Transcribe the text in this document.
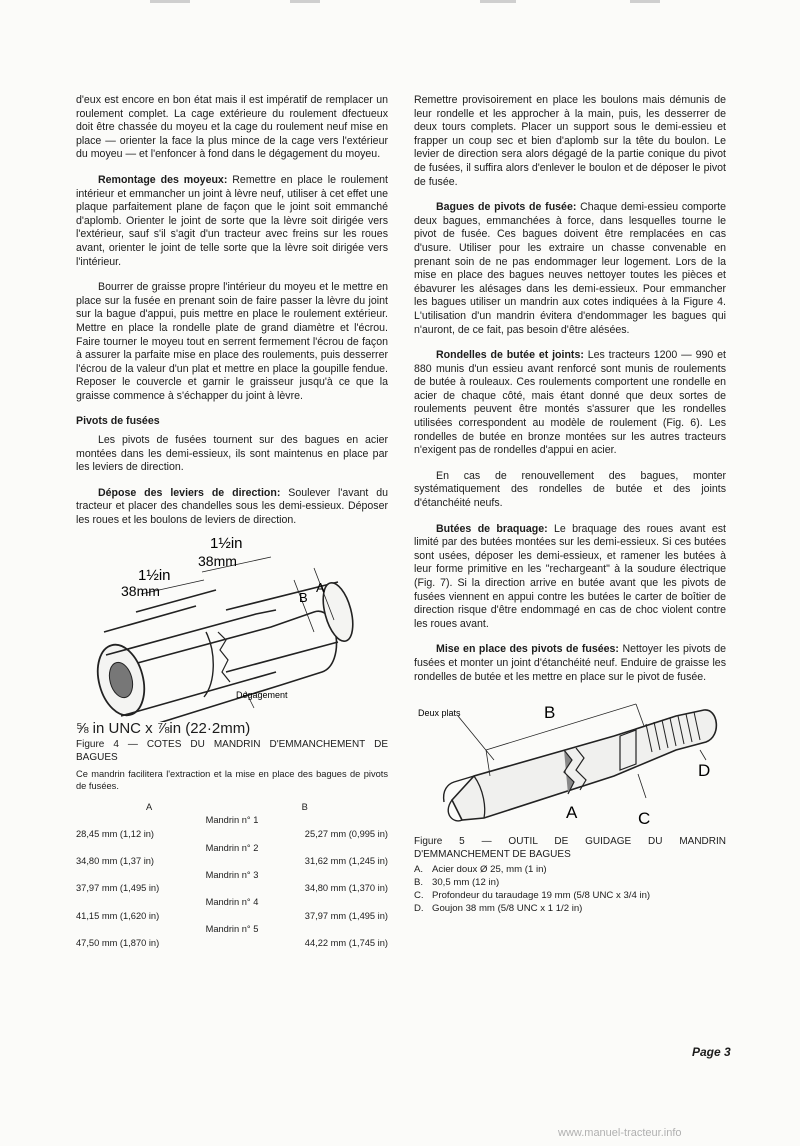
d'eux est encore en bon état mais il est impératif de remplacer un roulement complet. La cage extérieure du roulement dfectueux doit être chassée du moyeu et la cage du roulement neuf mise en place — orienter la face la plus mince de la cage vers l'extérieur du moyeu — et l'enfoncer à fond dans le dégagement du moyeu.

Remontage des moyeux: Remettre en place le roulement intérieur et emmancher un joint à lèvre neuf, utiliser à cet effet une plaque parfaitement plane de façon que le joint soit emmanché d'aplomb. Orienter le joint de sorte que la lèvre soit dirigée vers l'extérieur, sauf s'il s'agit d'un tracteur avec freins sur les roues avant, orienter le joint de telle sorte que la lèvre soit dirigée vers l'intérieur.

Bourrer de graisse propre l'intérieur du moyeu et le mettre en place sur la fusée en prenant soin de faire passer la lèvre du joint sur la bague d'appui, puis mettre en place le roulement extérieur. Mettre en place la rondelle plate de grand diamètre et l'écrou. Faire tourner le moyeu tout en serrent fermement l'écrou de façon à assurer la parfaite mise en place des roulements, puis desserrer l'écrou de la valeur d'un plat et mettre en place la goupille fendue. Reposer le couvercle et garnir le graisseur jusqu'à ce que la graisse commence à s'échapper du joint à lèvre.

Pivots de fusées

Les pivots de fusées tournent sur des bagues en acier montées dans les demi-essieux, ils sont maintenus en place par les leviers de direction.

Dépose des leviers de direction: Soulever l'avant du tracteur et placer des chandelles sous les demi-essieux. Déposer les roues et les boulons de leviers de direction.

1½in
38mm
1½in
38mm	B
A
Dégagement
⅝ in UNC x ⅞in (22·2mm)
Figure 4 — COTES DU MANDRIN D'EMMANCHEMENT DE BAGUES
Ce mandrin facilitera l'extraction et la mise en place des bagues de pivots de fusées.
A		B
	Mandrin n° 1	
28,45 mm (1,12 in)		25,27 mm (0,995 in)
	Mandrin n° 2	
34,80 mm (1,37 in)		31,62 mm (1,245 in)
	Mandrin n° 3	
37,97 mm (1,495 in)		34,80 mm (1,370 in)
	Mandrin n° 4	
41,15 mm (1,620 in)		37,97 mm (1,495 in)
	Mandrin n° 5	
47,50 mm (1,870 in)		44,22 mm (1,745 in)

Remettre provisoirement en place les boulons mais démunis de leur rondelle et les approcher à la main, puis, les desserrer de deux tours complets. Placer un support sous le demi-essieu et frapper un coup sec et bien d'aplomb sur la tête du boulon. Le levier de direction sera alors dégagé de la partie conique du pivot de fusées, il suffira alors d'enlever le boulon et de déposer le pivot de fusée.

Bagues de pivots de fusée: Chaque demi-essieu comporte deux bagues, emmanchées à force, dans lesquelles tourne le pivot de fusée. Ces bagues doivent être remplacées en cas d'usure. Utiliser pour les extraire un chasse convenable en prenant soin de ne pas endommager leur logement. Lors de la mise en place des bagues neuves nettoyer toutes les pièces et ébavurer les alésages dans les demi-essieux. Pour emmancher les bagues utiliser un mandrin aux cotes indiquées à la Figure 4. L'utilisation d'un mandrin évitera d'endommager les bagues qui n'auront, de ce fait, pas besoin d'être alésées.

Rondelles de butée et joints: Les tracteurs 1200 — 990 et 880 munis d'un essieu avant renforcé sont munis de roulements de butée à rouleaux. Ces roulements comportent une rondelle en acier de chaque côté, mais étant donné que deux sortes de roulements peuvent être montés s'assurer que les rondelles utilisées correspondent au modèle de roulement (Fig. 6). Les rondelles de butée en bronze montées sur les autres tracteurs n'exigent pas de rondelles d'appui en acier.

En cas de renouvellement des bagues, monter systématiquement des rondelles de butée et des joints d'étanchéité neufs.

Butées de braquage: Le braquage des roues avant est limité par des butées montées sur les demi-essieux. Si ces butées sont usées, déposer les demi-essieux, et ramener les butées à leur forme primitive en les "rechargeant" à la soudure électrique (Fig. 7). Si la direction arrive en butée avant que les pivots de fusées viennent en appui contre les butées le carter de boîtier de direction risque d'être endommagé en cas de choc violent contre les roues avant.

Mise en place des pivots de fusées: Nettoyer les pivots de fusées et monter un joint d'étanchéité neuf. Enduire de graisse les rondelles de butée et les mettre en place sur le pivot de fusée.

Deux plats	B
A	C
D
Figure 5 — OUTIL DE GUIDAGE DU MANDRIN D'EMMANCHEMENT DE BAGUES
A. Acier doux Ø 25, mm (1 in)
B. 30,5 mm (12 in)
C. Profondeur du taraudage 19 mm (5/8 UNC x 3/4 in)
D. Goujon 38 mm (5/8 UNC x 1 1/2 in)
Page 3
www.manuel-tracteur.info
